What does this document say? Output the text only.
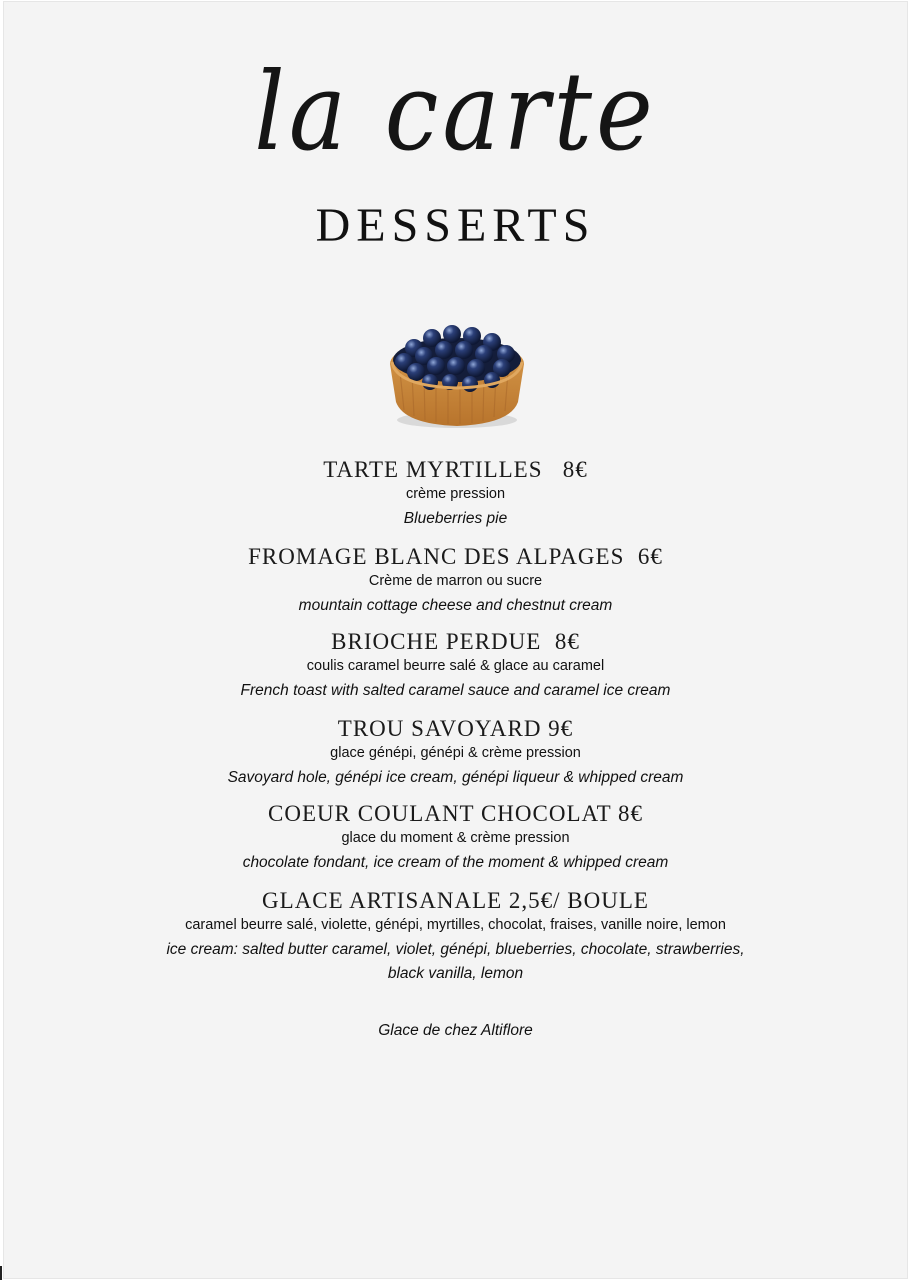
la carte
DESSERTS
TARTE MYRTILLES   8€
crème pression
Blueberries pie
FROMAGE BLANC DES ALPAGES  6€
Crème de marron ou sucre
mountain cottage cheese and chestnut cream
BRIOCHE PERDUE  8€
coulis caramel beurre salé & glace au caramel
French toast with salted caramel sauce and caramel ice cream
TROU SAVOYARD 9€
glace génépi, génépi & crème pression
Savoyard hole, génépi ice cream, génépi liqueur & whipped cream
COEUR COULANT CHOCOLAT 8€
glace du moment & crème pression
chocolate fondant, ice cream of the moment & whipped cream
GLACE ARTISANALE 2,5€/ BOULE
caramel beurre salé, violette, génépi, myrtilles, chocolat, fraises, vanille noire, lemon
ice cream: salted butter caramel, violet, génépi, blueberries, chocolate, strawberries,
black vanilla, lemon
Glace de chez Altiflore
